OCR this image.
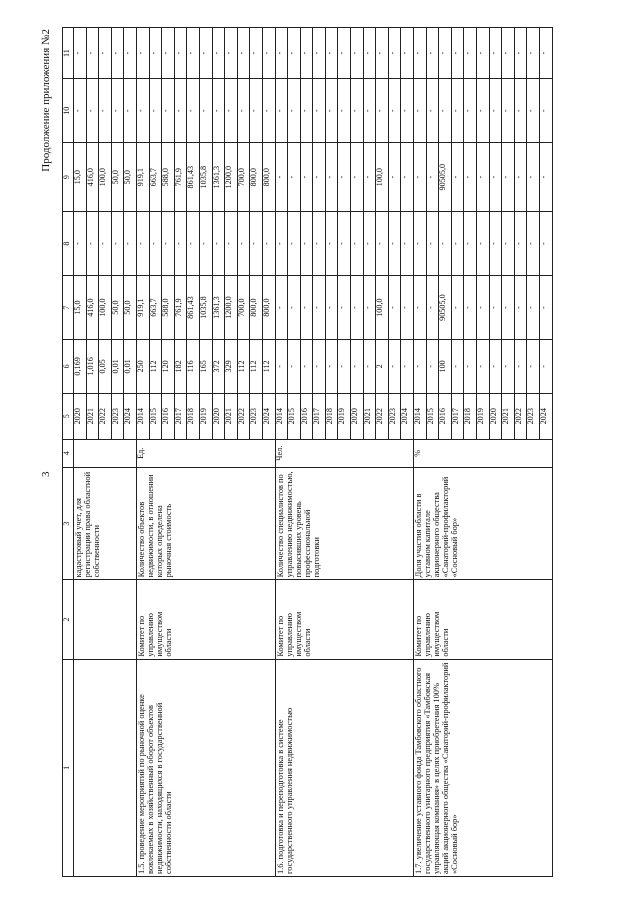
3
Продолжение приложения №2
1	2	3	4	5	6	7	8	9	10	11
		кадастровый учет, для регистрации права областной собственности		2020	0,169	15,0	-	15,0	-	-
				2021	1,016	416,0	-	416,0	-	-
				2022	0,05	100,0	-	100,0	-	-
				2023	0,01	50,0	-	50,0	-	-
				2024	0,01	50,0	-	50,0	-	-
1.5. проведение мероприятий по рыночной оценке вовлекаемых в хозяйственный оборот объектов недвижимости, находящихся в государственной собственности области	Комитет по управлению имуществом области	Количество объектов недвижимости, в отношении которых определена рыночная стоимость	Ед.	2014	250	919,1	-	919,1	-	-
				2015	112	663,7	-	663,7	-	-
				2016	120	588,0	-	588,0	-	-
				2017	182	761,9	-	761,9	-	-
				2018	116	861,43	-	861,43	-	-
				2019	165	1035,8	-	1035,8	-	-
				2020	372	1361,3	-	1361,3	-	-
				2021	329	1200,0	-	1200,0	-	-
				2022	112	700,0	-	700,0	-	-
				2023	112	800,0	-	800,0	-	-
				2024	112	800,0	-	800,0	-	-
1.6. подготовка и переподготовка в системе государственного управления недвижимостью	Комитет по управлению имуществом области	Количество специалистов по управлению недвижимостью, повысивших уровень профессиональной подготовки	Чел.	2014	-	-	-	-	-	-
				2015	-	-	-	-	-	-
				2016	-	-	-	-	-	-
				2017	-	-	-	-	-	-
				2018	-	-	-	-	-	-
				2019	-	-	-	-	-	-
				2020	-	-	-	-	-	-
				2021	-	-	-	-	-	-
				2022	2	100,0	-	100,0	-	-
				2023	-	-	-	-	-	-
				2024	-	-	-	-	-	-
1.7. увеличение уставного фонда Тамбовского областного государственного унитарного предприятия «Тамбовская управляющая компания» в целях приобретения 100% акций акционерного общества «Санаторий-профилакторий «Сосновый бор»	Комитет по управлению имуществом области	Доля участия области в уставном капитале акционерного общества «Санаторий-профилакторий «Сосновый бор»	%	2014	-	-	-	-	-	-
				2015	-	-	-	-	-	-
				2016	100	90505,0	-	90505,0	-	-
				2017	-	-	-	-	-	-
				2018	-	-	-	-	-	-
				2019	-	-	-	-	-	-
				2020	-	-	-	-	-	-
				2021	-	-	-	-	-	-
				2022	-	-	-	-	-	-
				2023	-	-	-	-	-	-
				2024	-	-	-	-	-	-
